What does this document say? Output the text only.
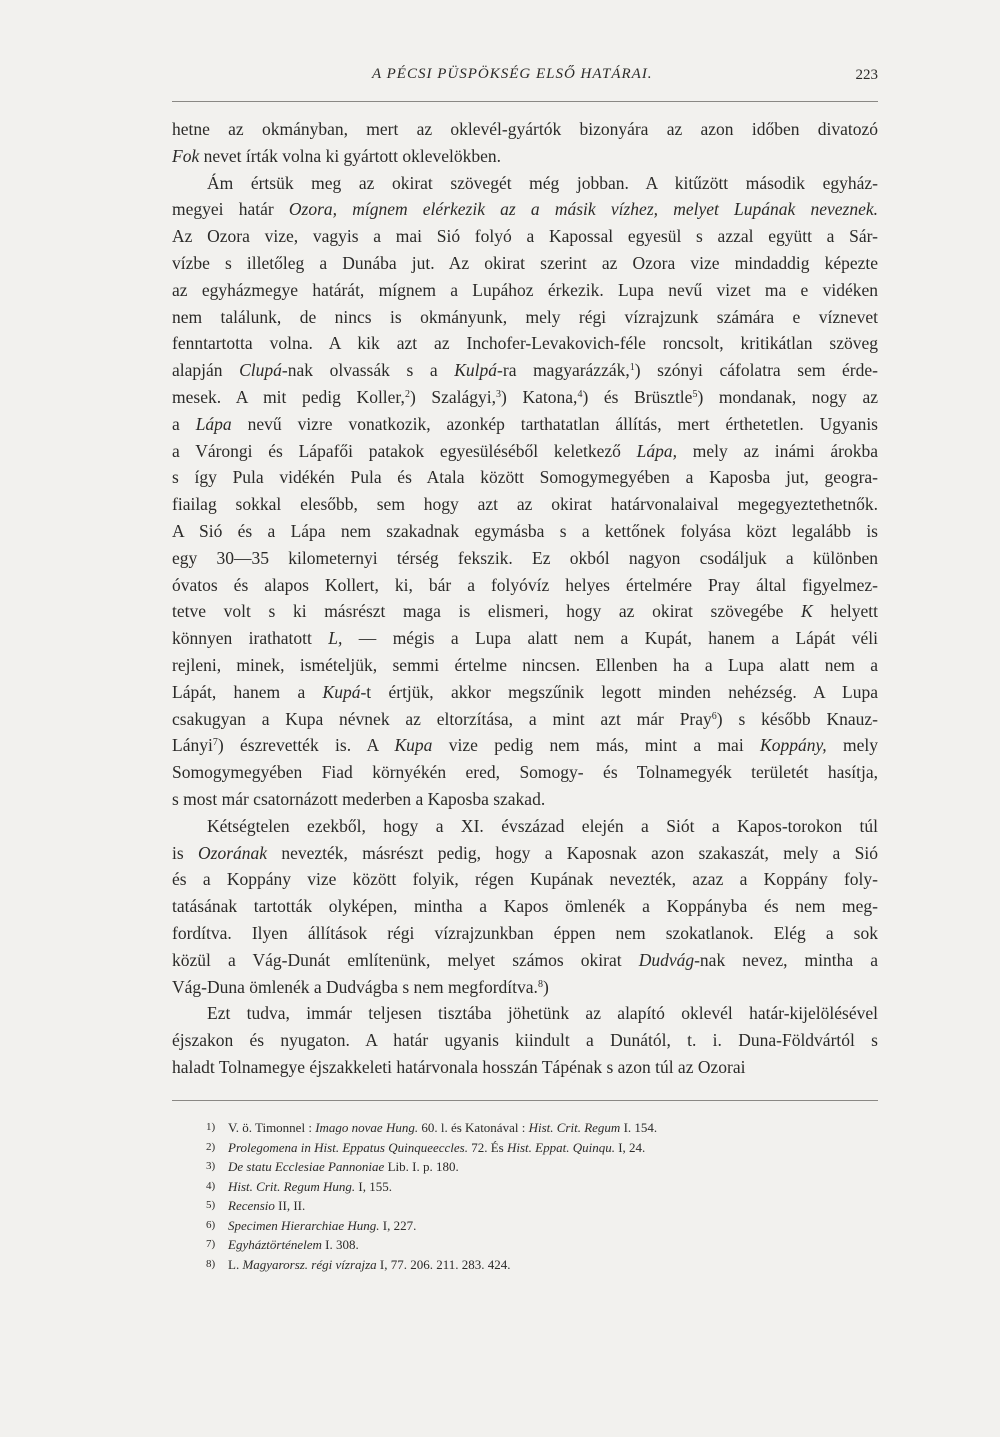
A PÉCSI PÜSPÖKSÉG ELSŐ HATÁRAI.	223
hetne az okmányban, mert az oklevél-gyártók bizonyára az azon időben divatozó
Fok nevet írták volna ki gyártott oklevelökben.
  Ám értsük meg az okirat szövegét még jobban. A kitűzött második egyház-
megyei határ Ozora, mígnem elérkezik az a másik vízhez, melyet Lupának neveznek.
Az Ozora vize, vagyis a mai Sió folyó a Kapossal egyesül s azzal együtt a Sár-
vízbe s illetőleg a Dunába jut. Az okirat szerint az Ozora vize mindaddig képezte
az egyházmegye határát, mígnem a Lupához érkezik. Lupa nevű vizet ma e vidéken
nem találunk, de nincs is okmányunk, mely régi vízrajzunk számára e víznevet
fenntartotta volna. A kik azt az Inchofer-Levakovich-féle roncsolt, kritikátlan szöveg
alapján Clupá-nak olvassák s a Kulpá-ra magyarázzák,$^1$) szónyi cáfolatra sem érde-
mesek. A mit pedig Koller,$^2$) Szalágyi,$^3$) Katona,$^4$) és Brüsztle$^5$) mondanak, nogy az
a Lápa nevű vizre vonatkozik, azonkép tarthatatlan állítás, mert érthetetlen. Ugyanis
a Várongi és Lápafői patakok egyesüléséből keletkező Lápa, mely az inámi árokba
s így Pula vidékén Pula és Atala között Somogymegyében a Kaposba jut, geogra-
fiailag sokkal elesőbb, sem hogy azt az okirat határvonalaival megegyeztethetnők.
A Sió és a Lápa nem szakadnak egymásba s a kettőnek folyása közt legalább is
egy 30—35 kilometernyi térség fekszik. Ez okból nagyon csodáljuk a különben
óvatos és alapos Kollert, ki, bár a folyóvíz helyes értelmére Pray által figyelmez-
tetve volt s ki másrészt maga is elismeri, hogy az okirat szövegébe K helyett
könnyen irathatott L, — mégis a Lupa alatt nem a Kupát, hanem a Lápát véli
rejleni, minek, ismételjük, semmi értelme nincsen. Ellenben ha a Lupa alatt nem a
Lápát, hanem a Kupá-t értjük, akkor megszűnik legott minden nehézség. A Lupa
csakugyan a Kupa névnek az eltorzítása, a mint azt már Pray$^6$) s később Knauz-
Lányi$^7$) észrevették is. A Kupa vize pedig nem más, mint a mai Koppány, mely
Somogymegyében Fiad környékén ered, Somogy- és Tolnamegyék területét hasítja,
s most már csatornázott mederben a Kaposba szakad.
  Kétségtelen ezekből, hogy a XI. évszázad elején a Siót a Kapos-torokon túl
is Ozorának nevezték, másrészt pedig, hogy a Kaposnak azon szakaszát, mely a Sió
és a Koppány vize között folyik, régen Kupának nevezték, azaz a Koppány foly-
tatásának tartották olyképen, mintha a Kapos ömlenék a Koppányba és nem meg-
fordítva. Ilyen állítások régi vízrajzunkban éppen nem szokatlanok. Elég a sok
közül a Vág-Dunát említenünk, melyet számos okirat Dudvág-nak nevez, mintha a
Vág-Duna ömlenék a Dudvágba s nem megfordítva.$^8$)
  Ezt tudva, immár teljesen tisztába jöhetünk az alapító oklevél határ-kijelölésével
éjszakon és nyugaton. A határ ugyanis kiindult a Dunától, t. i. Duna-Földvártól s
haladt Tolnamegye éjszakkeleti határvonala hosszán Tápénak s azon túl az Ozorai
1) V. ö. Timonnel : Imago novae Hung. 60. l. és Katonával : Hist. Crit. Regum I. 154.
2) Prolegomena in Hist. Eppatus Quinqueeccles. 72. És Hist. Eppat. Quinqu. I, 24.
3) De statu Ecclesiae Pannoniae Lib. I. p. 180.
4) Hist. Crit. Regum Hung. I, 155.
5) Recensio II, II.
6) Specimen Hierarchiae Hung. I, 227.
7) Egyháztörténelem I. 308.
8) L. Magyarorsz. régi vízrajza I, 77. 206. 211. 283. 424.
